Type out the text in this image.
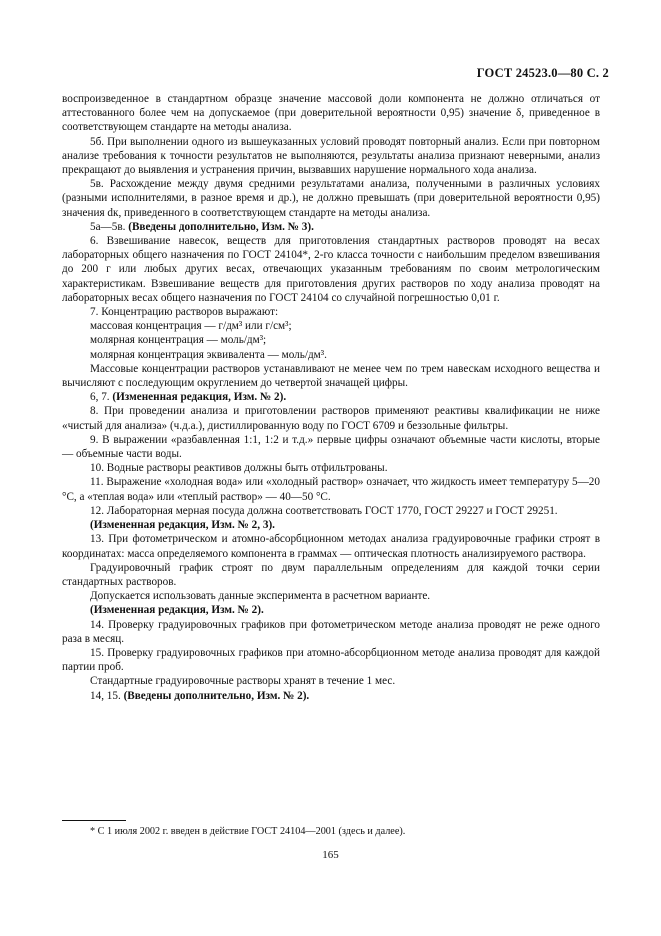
ГОСТ 24523.0—80 С. 2

воспроизведенное в стандартном образце значение массовой доли компонента не должно отличаться от аттестованного более чем на допускаемое (при доверительной вероятности 0,95) значение δ, приведенное в соответствующем стандарте на методы анализа.

5б. При выполнении одного из вышеуказанных условий проводят повторный анализ. Если при повторном анализе требования к точности результатов не выполняются, результаты анализа признают неверными, анализ прекращают до выявления и устранения причин, вызвавших нарушение нормального хода анализа.

5в. Расхождение между двумя средними результатами анализа, полученными в различных условиях (разными исполнителями, в разное время и др.), не должно превышать (при доверительной вероятности 0,95) значения dк, приведенного в соответствующем стандарте на методы анализа.

5а—5в. (Введены дополнительно, Изм. № 3).

6. Взвешивание навесок, веществ для приготовления стандартных растворов проводят на весах лабораторных общего назначения по ГОСТ 24104*, 2-го класса точности с наибольшим пределом взвешивания до 200 г или любых других весах, отвечающих указанным требованиям по своим метрологическим характеристикам. Взвешивание веществ для приготовления других растворов по ходу анализа проводят на лабораторных весах общего назначения по ГОСТ 24104 со случайной погрешностью 0,01 г.

7. Концентрацию растворов выражают:

массовая концентрация — г/дм³ или г/см³;

молярная концентрация — моль/дм³;

молярная концентрация эквивалента — моль/дм³.

Массовые концентрации растворов устанавливают не менее чем по трем навескам исходного вещества и вычисляют с последующим округлением до четвертой значащей цифры.

6, 7. (Измененная редакция, Изм. № 2).

8. При проведении анализа и приготовлении растворов применяют реактивы квалификации не ниже «чистый для анализа» (ч.д.а.), дистиллированную воду по ГОСТ 6709 и беззольные фильтры.

9. В выражении «разбавленная 1:1, 1:2 и т.д.» первые цифры означают объемные части кислоты, вторые — объемные части воды.

10. Водные растворы реактивов должны быть отфильтрованы.

11. Выражение «холодная вода» или «холодный раствор» означает, что жидкость имеет температуру 5—20 °С, а «теплая вода» или «теплый раствор» — 40—50 °С.

12. Лабораторная мерная посуда должна соответствовать ГОСТ 1770, ГОСТ 29227 и ГОСТ 29251.

(Измененная редакция, Изм. № 2, 3).

13. При фотометрическом и атомно-абсорбционном методах анализа градуировочные графики строят в координатах: масса определяемого компонента в граммах — оптическая плотность анализируемого раствора.

Градуировочный график строят по двум параллельным определениям для каждой точки серии стандартных растворов.

Допускается использовать данные эксперимента в расчетном варианте.

(Измененная редакция, Изм. № 2).

14. Проверку градуировочных графиков при фотометрическом методе анализа проводят не реже одного раза в месяц.

15. Проверку градуировочных графиков при атомно-абсорбционном методе анализа проводят для каждой партии проб.

Стандартные градуировочные растворы хранят в течение 1 мес.

14, 15. (Введены дополнительно, Изм. № 2).

* С 1 июля 2002 г. введен в действие ГОСТ 24104—2001 (здесь и далее).
165
